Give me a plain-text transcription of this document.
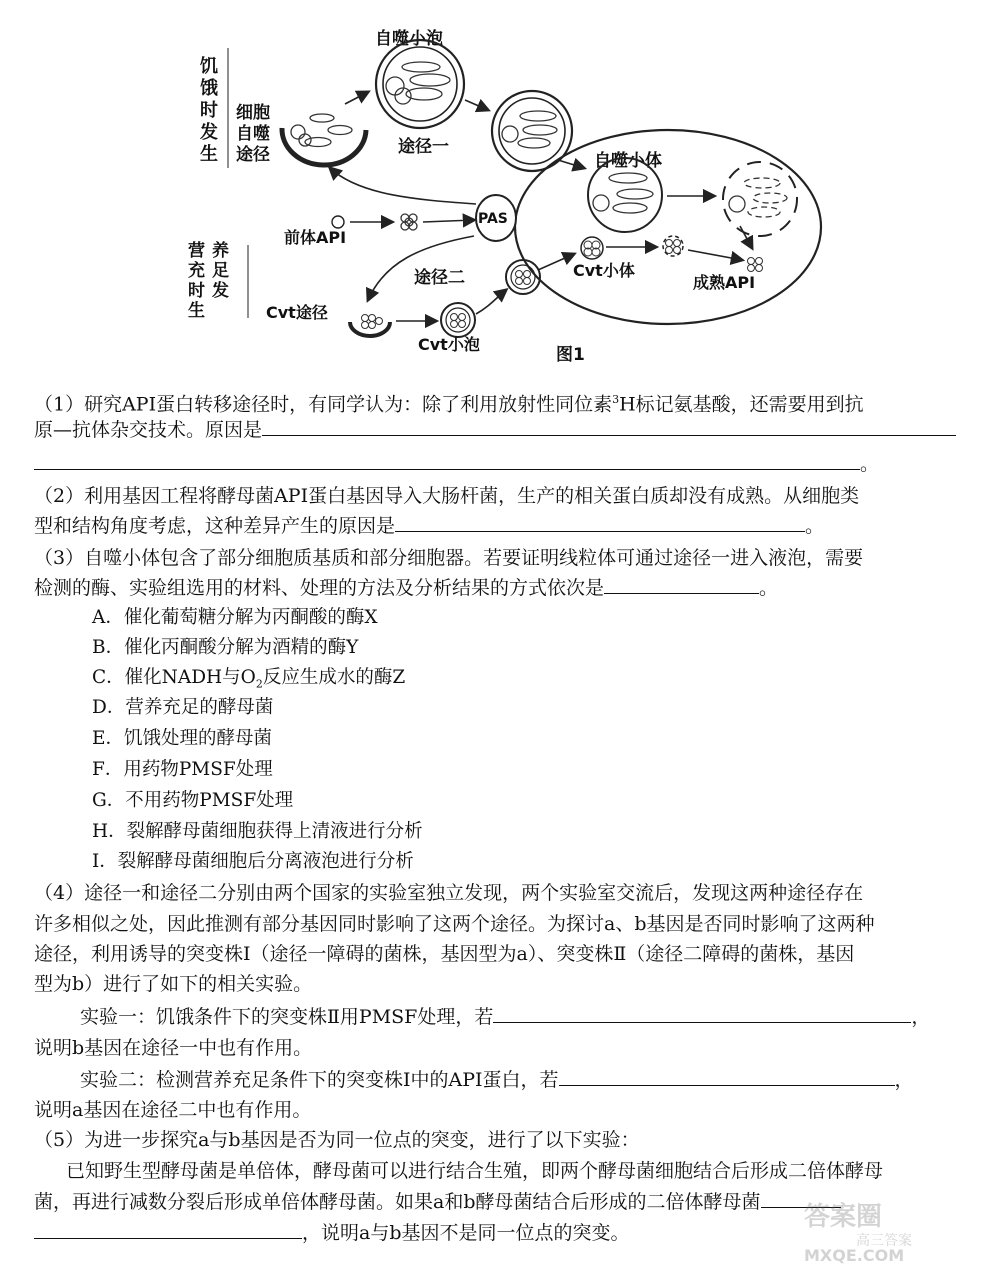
饥
饿
时
发
生
营 养
充 足
时 发
生
细胞
自噬
途径
自噬小泡
途径一
PAS
自噬小体
Cvt小体
成熟API
途径二
前体API
Cvt途径
Cvt小泡
图1
（1）研究API蛋白转移途径时，有同学认为：除了利用放射性同位素$^3$H标记氨基酸，还需要用到抗
原—抗体杂交技术。原因是
。
（2）利用基因工程将酵母菌API蛋白基因导入大肠杆菌，生产的相关蛋白质却没有成熟。从细胞类
型和结构角度考虑，这种差异产生的原因是	。
（3）自噬小体包含了部分细胞质基质和部分细胞器。若要证明线粒体可通过途径一进入液泡，需要
检测的酶、实验组选用的材料、处理的方法及分析结果的方式依次是	。
A．催化葡萄糖分解为丙酮酸的酶X
B．催化丙酮酸分解为酒精的酶Y
C．催化NADH与$O_2$反应生成水的酶Z
D．营养充足的酵母菌
E．饥饿处理的酵母菌
F．用药物PMSF处理
G．不用药物PMSF处理
H．裂解酵母菌细胞获得上清液进行分析
I．裂解酵母菌细胞后分离液泡进行分析
（4）途径一和途径二分别由两个国家的实验室独立发现，两个实验室交流后，发现这两种途径存在
许多相似之处，因此推测有部分基因同时影响了这两个途径。为探讨a、b基因是否同时影响了这两种
途径，利用诱导的突变株Ⅰ（途径一障碍的菌株，基因型为a）、突变株Ⅱ（途径二障碍的菌株，基因
型为b）进行了如下的相关实验。
实验一：饥饿条件下的突变株Ⅱ用PMSF处理，若	，
说明b基因在途径一中也有作用。
实验二：检测营养充足条件下的突变株Ⅰ中的API蛋白，若	，
说明a基因在途径二中也有作用。
（5）为进一步探究a与b基因是否为同一位点的突变，进行了以下实验：
已知野生型酵母菌是单倍体，酵母菌可以进行结合生殖，即两个酵母菌细胞结合后形成二倍体酵母
菌，再进行减数分裂后形成单倍体酵母菌。如果a和b酵母菌结合后形成的二倍体酵母菌
，说明a与b基因不是同一位点的突变。
答案圈
高三答案
MXQE.COM
